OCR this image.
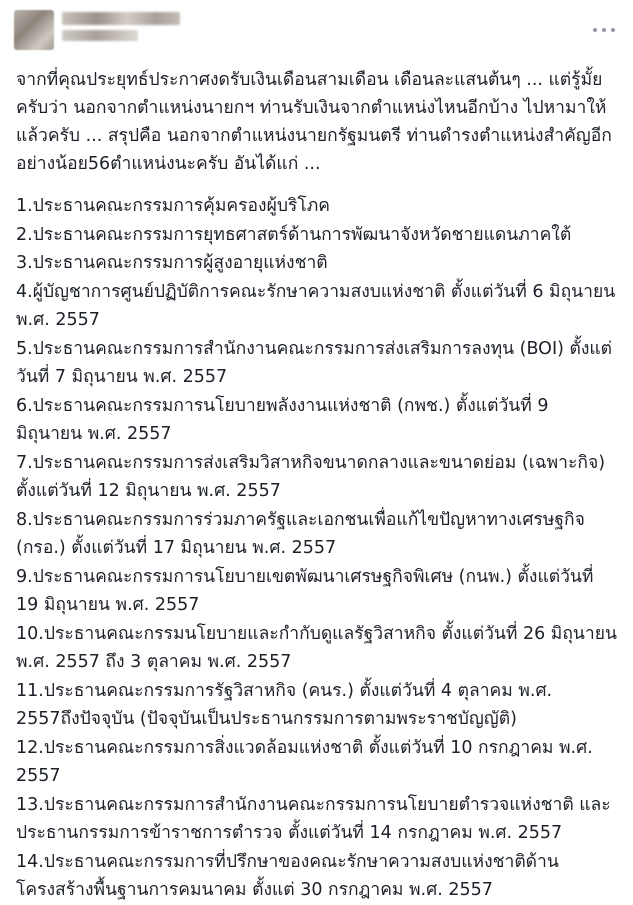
จากที่คุณประยุทธ์ประกาศงดรับเงินเดือนสามเดือน เดือนละแสนต้นๆ ... แต่รู้มั้ยครับว่า นอกจากตำแหน่งนายกฯ ท่านรับเงินจากตำแหน่งไหนอีกบ้าง ไปหามาให้แล้วครับ ... สรุปคือ นอกจากตำแหน่งนายกรัฐมนตรี ท่านดำรงตำแหน่งสำคัญอีกอย่างน้อย56ตำแหน่งนะครับ อันได้แก่ ...

1.ประธานคณะกรรมการคุ้มครองผู้บริโภค
2.ประธานคณะกรรมการยุทธศาสตร์ด้านการพัฒนาจังหวัดชายแดนภาคใต้
3.ประธานคณะกรรมการผู้สูงอายุแห่งชาติ
4.ผู้บัญชาการศูนย์ปฏิบัติการคณะรักษาความสงบแห่งชาติ ตั้งแต่วันที่ 6 มิถุนายน พ.ศ. 2557
5.ประธานคณะกรรมการสำนักงานคณะกรรมการส่งเสริมการลงทุน (BOI) ตั้งแต่วันที่ 7 มิถุนายน พ.ศ. 2557
6.ประธานคณะกรรมการนโยบายพลังงานแห่งชาติ (กพช.) ตั้งแต่วันที่ 9 มิถุนายน พ.ศ. 2557
7.ประธานคณะกรรมการส่งเสริมวิสาหกิจขนาดกลางและขนาดย่อม (เฉพาะกิจ) ตั้งแต่วันที่ 12 มิถุนายน พ.ศ. 2557
8.ประธานคณะกรรมการร่วมภาครัฐและเอกชนเพื่อแก้ไขปัญหาทางเศรษฐกิจ (กรอ.) ตั้งแต่วันที่ 17 มิถุนายน พ.ศ. 2557
9.ประธานคณะกรรมการนโยบายเขตพัฒนาเศรษฐกิจพิเศษ (กนพ.) ตั้งแต่วันที่ 19 มิถุนายน พ.ศ. 2557
10.ประธานคณะกรรมนโยบายและกำกับดูแลรัฐวิสาหกิจ ตั้งแต่วันที่ 26 มิถุนายน พ.ศ. 2557 ถึง 3 ตุลาคม พ.ศ. 2557
11.ประธานคณะกรรมการรัฐวิสาหกิจ (คนร.) ตั้งแต่วันที่ 4 ตุลาคม พ.ศ. 2557ถึงปัจจุบัน (ปัจจุบันเป็นประธานกรรมการตามพระราชบัญญัติ)
12.ประธานคณะกรรมการสิ่งแวดล้อมแห่งชาติ ตั้งแต่วันที่ 10 กรกฎาคม พ.ศ. 2557
13.ประธานคณะกรรมการสำนักงานคณะกรรมการนโยบายตำรวจแห่งชาติ และประธานกรรมการข้าราชการตำรวจ ตั้งแต่วันที่ 14 กรกฎาคม พ.ศ. 2557
14.ประธานคณะกรรมการที่ปรึกษาของคณะรักษาความสงบแห่งชาติด้านโครงสร้างพื้นฐานการคมนาคม ตั้งแต่ 30 กรกฎาคม พ.ศ. 2557
